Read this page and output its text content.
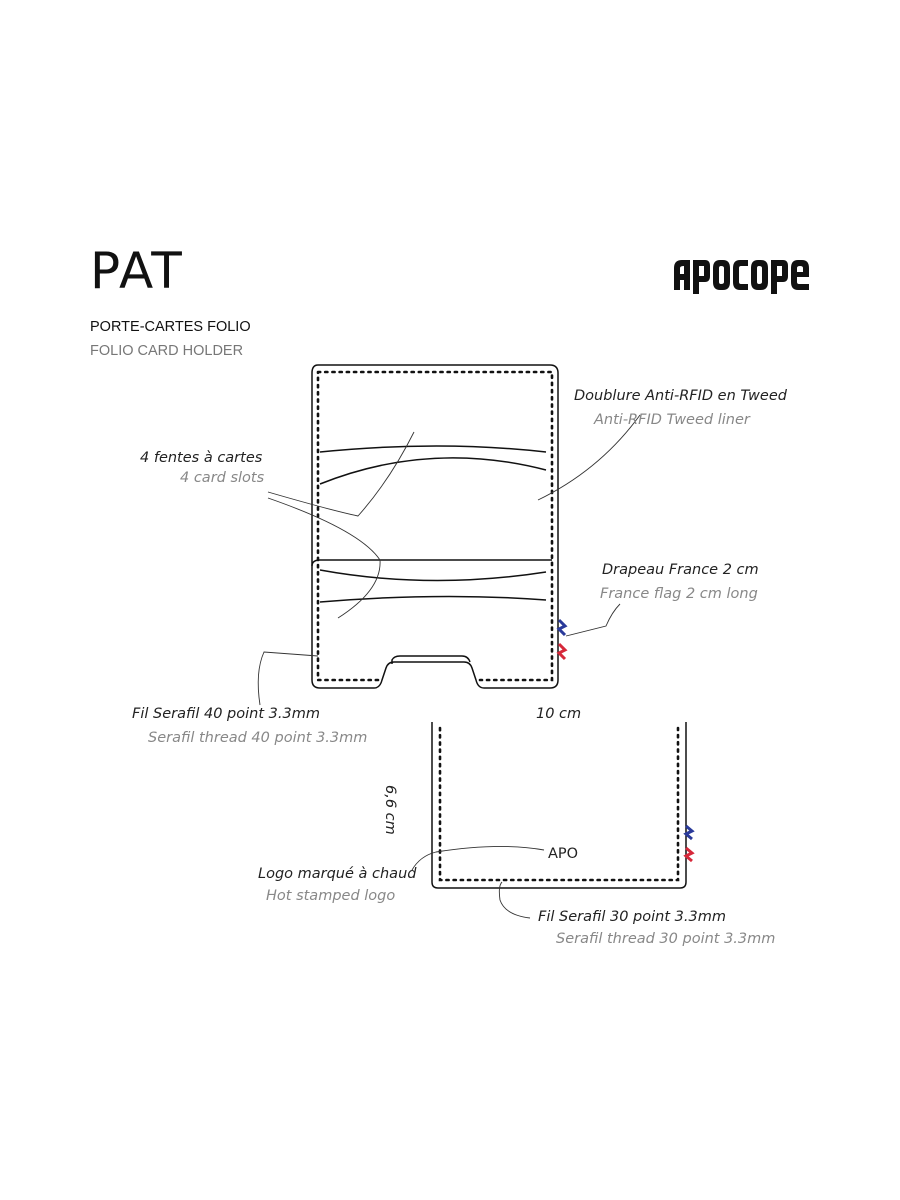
PAT
PORTE-CARTES FOLIO
FOLIO CARD HOLDER
Doublure Anti-RFID en Tweed
Anti-RFID Tweed liner
4 fentes à cartes
4 card slots
Drapeau France 2 cm
France flag 2 cm long
Fil Serafil 40 point 3.3mm
Serafil thread 40 point 3.3mm
10 cm
6,6 cm
APO
Logo marqué à chaud
Hot stamped logo
Fil Serafil 30 point 3.3mm
Serafil thread 30 point 3.3mm
